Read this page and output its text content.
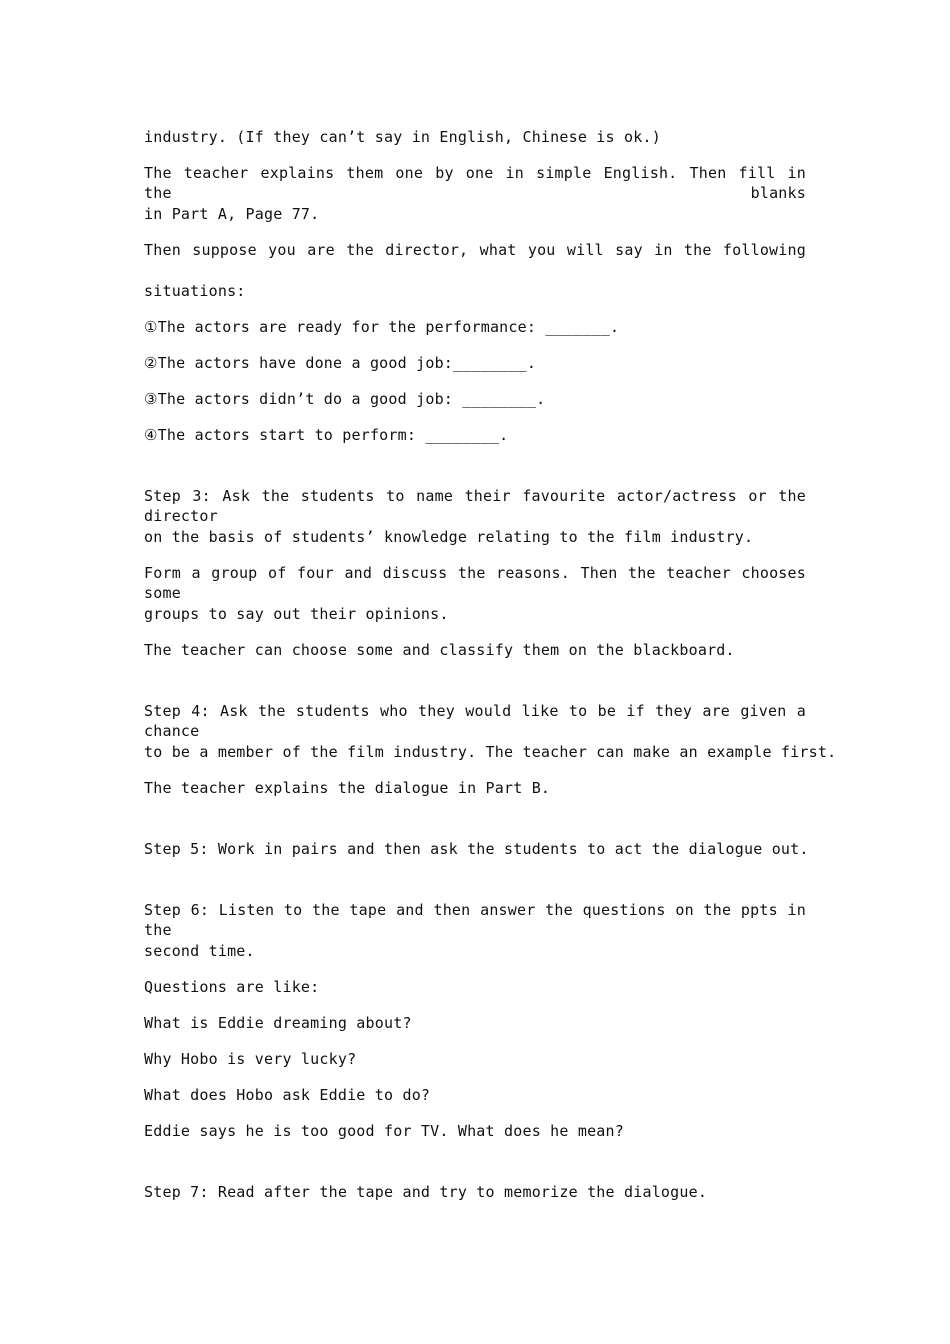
industry. (If they can’t say in English, Chinese is ok.)
The teacher explains them one by one in simple English. Then fill in the blanks
in Part A, Page 77.
Then suppose you are the director, what you will say in the following
situations:
①The actors are ready for the performance: _______.
②The actors have done a good job:________.
③The actors didn’t do a good job: ________.
④The actors start to perform: ________.
Step 3: Ask the students to name their favourite actor/actress or the director
on the basis of students’ knowledge relating to the film industry.
Form a group of four and discuss the reasons. Then the teacher chooses some
groups to say out their opinions.
The teacher can choose some and classify them on the blackboard.
Step 4: Ask the students who they would like to be if they are given a chance
to be a member of the film industry. The teacher can make an example first.
The teacher explains the dialogue in Part B.
Step 5: Work in pairs and then ask the students to act the dialogue out.
Step 6: Listen to the tape and then answer the questions on the ppts in the
second time.
Questions are like:
What is Eddie dreaming about?
Why Hobo is very lucky?
What does Hobo ask Eddie to do?
Eddie says he is too good for TV. What does he mean?
Step 7: Read after the tape and try to memorize the dialogue.
